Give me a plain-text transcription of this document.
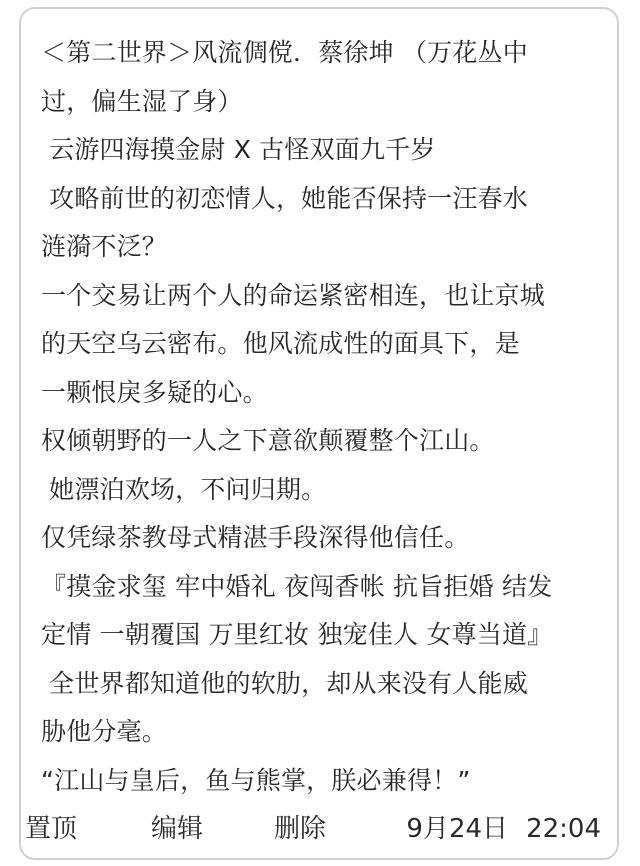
＜第二世界＞风流倜傥．蔡徐坤 （万花丛中
过，偏生湿了身）
云游四海摸金尉 X 古怪双面九千岁
攻略前世的初恋情人，她能否保持一汪春水
涟漪不泛？
一个交易让两个人的命运紧密相连，也让京城
的天空乌云密布。他风流成性的面具下，是
一颗恨戾多疑的心。
权倾朝野的一人之下意欲颠覆整个江山。
她漂泊欢场，不问归期。
仅凭绿茶教母式精湛手段深得他信任。
『摸金求玺 牢中婚礼 夜闯香帐 抗旨拒婚 结发
定情 一朝覆国 万里红妆 独宠佳人 女尊当道』
全世界都知道他的软肋，却从来没有人能威
胁他分毫。
“江山与皇后，鱼与熊掌，朕必兼得！”
置顶	编辑	删除	9月24日 22:04
